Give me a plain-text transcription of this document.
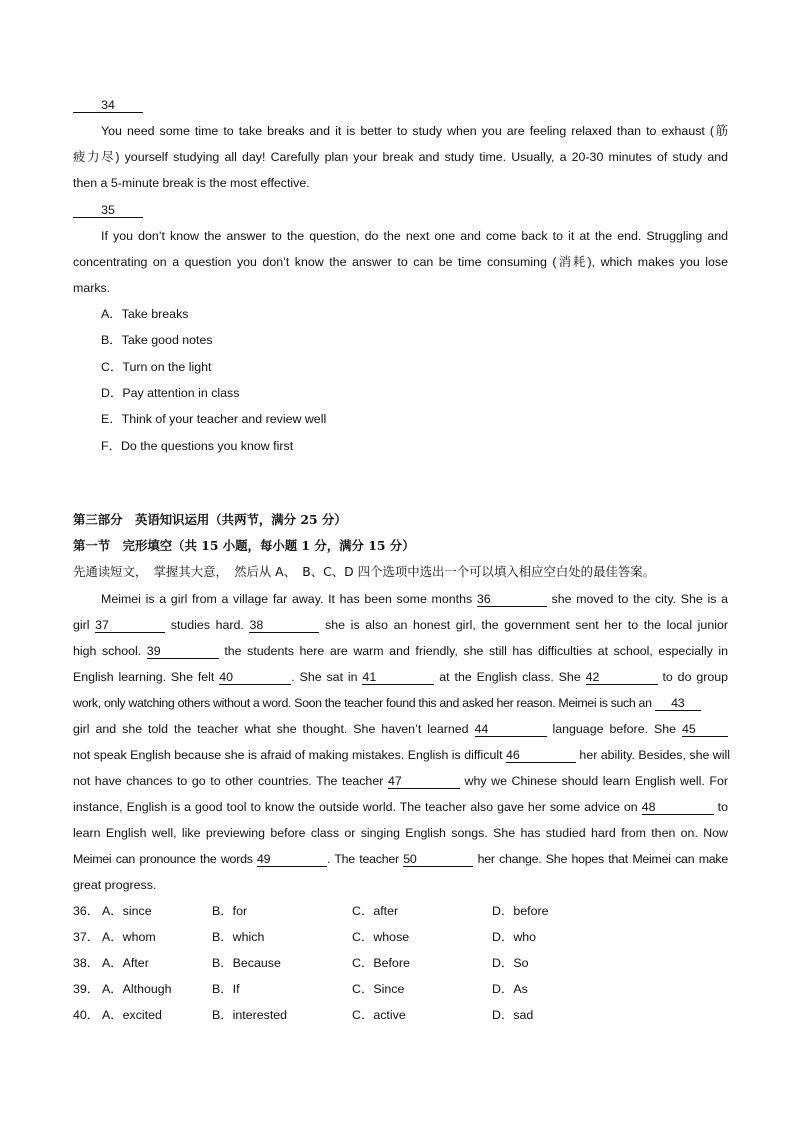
34
You need some time to take breaks and it is better to study when you are feeling relaxed than to exhaust (筋
疲力尽) yourself studying all day! Carefully plan your break and study time. Usually, a 20-30 minutes of study and
then a 5-minute break is the most effective.
35
If you don’t know the answer to the question, do the next one and come back to it at the end. Struggling and
concentrating on a question you don’t know the answer to can be time consuming (消耗), which makes you lose
marks.
A．Take breaks
B．Take good notes
C．Turn on the light
D．Pay attention in class
E．Think of your teacher and review well
F．Do the questions you know first
第三部分　英语知识运用（共两节，满分 25 分）
第一节　完形填空（共 15 小题，每小题 1 分，满分 15 分）
先通读短文，　掌握其大意，　然后从 A、　B、C、D 四个选项中选出一个可以填入相应空白处的最佳答案。
Meimei is a girl from a village far away. It has been some months 36	she moved to the city. She is a
girl 37	studies hard. 38	she is also an honest girl, the government sent her to the local junior
high school. 39	the students here are warm and friendly, she still has difficulties at school, especially in
English learning. She felt 40	. She sat in 41	at the English class. She 42	to do group
work, only watching others without a word. Soon the teacher found this and asked her reason. Meimei is such an 43
girl and she told the teacher what she thought. She haven’t learned 44	language before. She 45
not speak English because she is afraid of making mistakes. English is difficult 46	her ability. Besides, she will
not have chances to go to other countries. The teacher 47	why we Chinese should learn English well. For
instance, English is a good tool to know the outside world. The teacher also gave her some advice on 48	to
learn English well, like previewing before class or singing English songs. She has studied hard from then on. Now
Meimei can pronounce the words 49	. The teacher 50	her change. She hopes that Meimei can make
great progress.
36． A．since	B．for	C．after	D．before
37． A．whom	B．which	C．whose	D．who
38． A．After	B．Because	C．Before	D．So
39． A．Although	B．If	C．Since	D．As
40． A．excited	B．interested	C．active	D．sad
